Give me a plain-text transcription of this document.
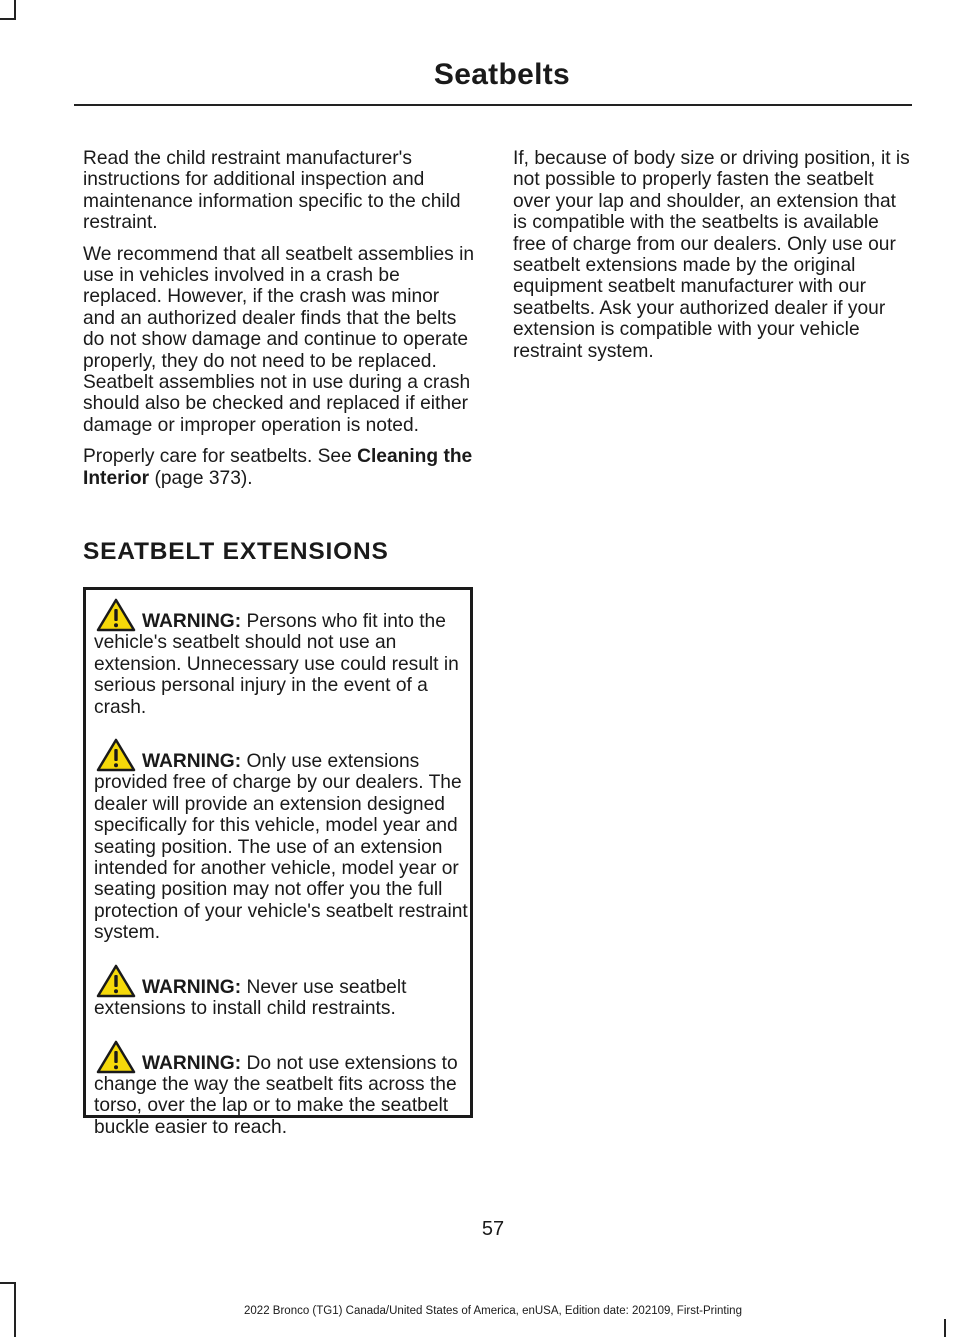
Seatbelts

Read the child restraint manufacturer's instructions for additional inspection and maintenance information specific to the child restraint.

We recommend that all seatbelt assemblies in use in vehicles involved in a crash be replaced. However, if the crash was minor and an authorized dealer finds that the belts do not show damage and continue to operate properly, they do not need to be replaced. Seatbelt assemblies not in use during a crash should also be checked and replaced if either damage or improper operation is noted.

Properly care for seatbelts. See Cleaning the Interior (page 373).

SEATBELT EXTENSIONS

WARNING: Persons who fit into the vehicle's seatbelt should not use an extension. Unnecessary use could result in serious personal injury in the event of a crash.

WARNING: Only use extensions provided free of charge by our dealers. The dealer will provide an extension designed specifically for this vehicle, model year and seating position. The use of an extension intended for another vehicle, model year or seating position may not offer you the full protection of your vehicle's seatbelt restraint system.

WARNING: Never use seatbelt extensions to install child restraints.

WARNING: Do not use extensions to change the way the seatbelt fits across the torso, over the lap or to make the seatbelt buckle easier to reach.

If, because of body size or driving position, it is not possible to properly fasten the seatbelt over your lap and shoulder, an extension that is compatible with the seatbelts is available free of charge from our dealers. Only use our seatbelt extensions made by the original equipment seatbelt manufacturer with our seatbelts. Ask your authorized dealer if your extension is compatible with your vehicle restraint system.

57
2022 Bronco (TG1) Canada/United States of America, enUSA, Edition date: 202109, First-Printing
